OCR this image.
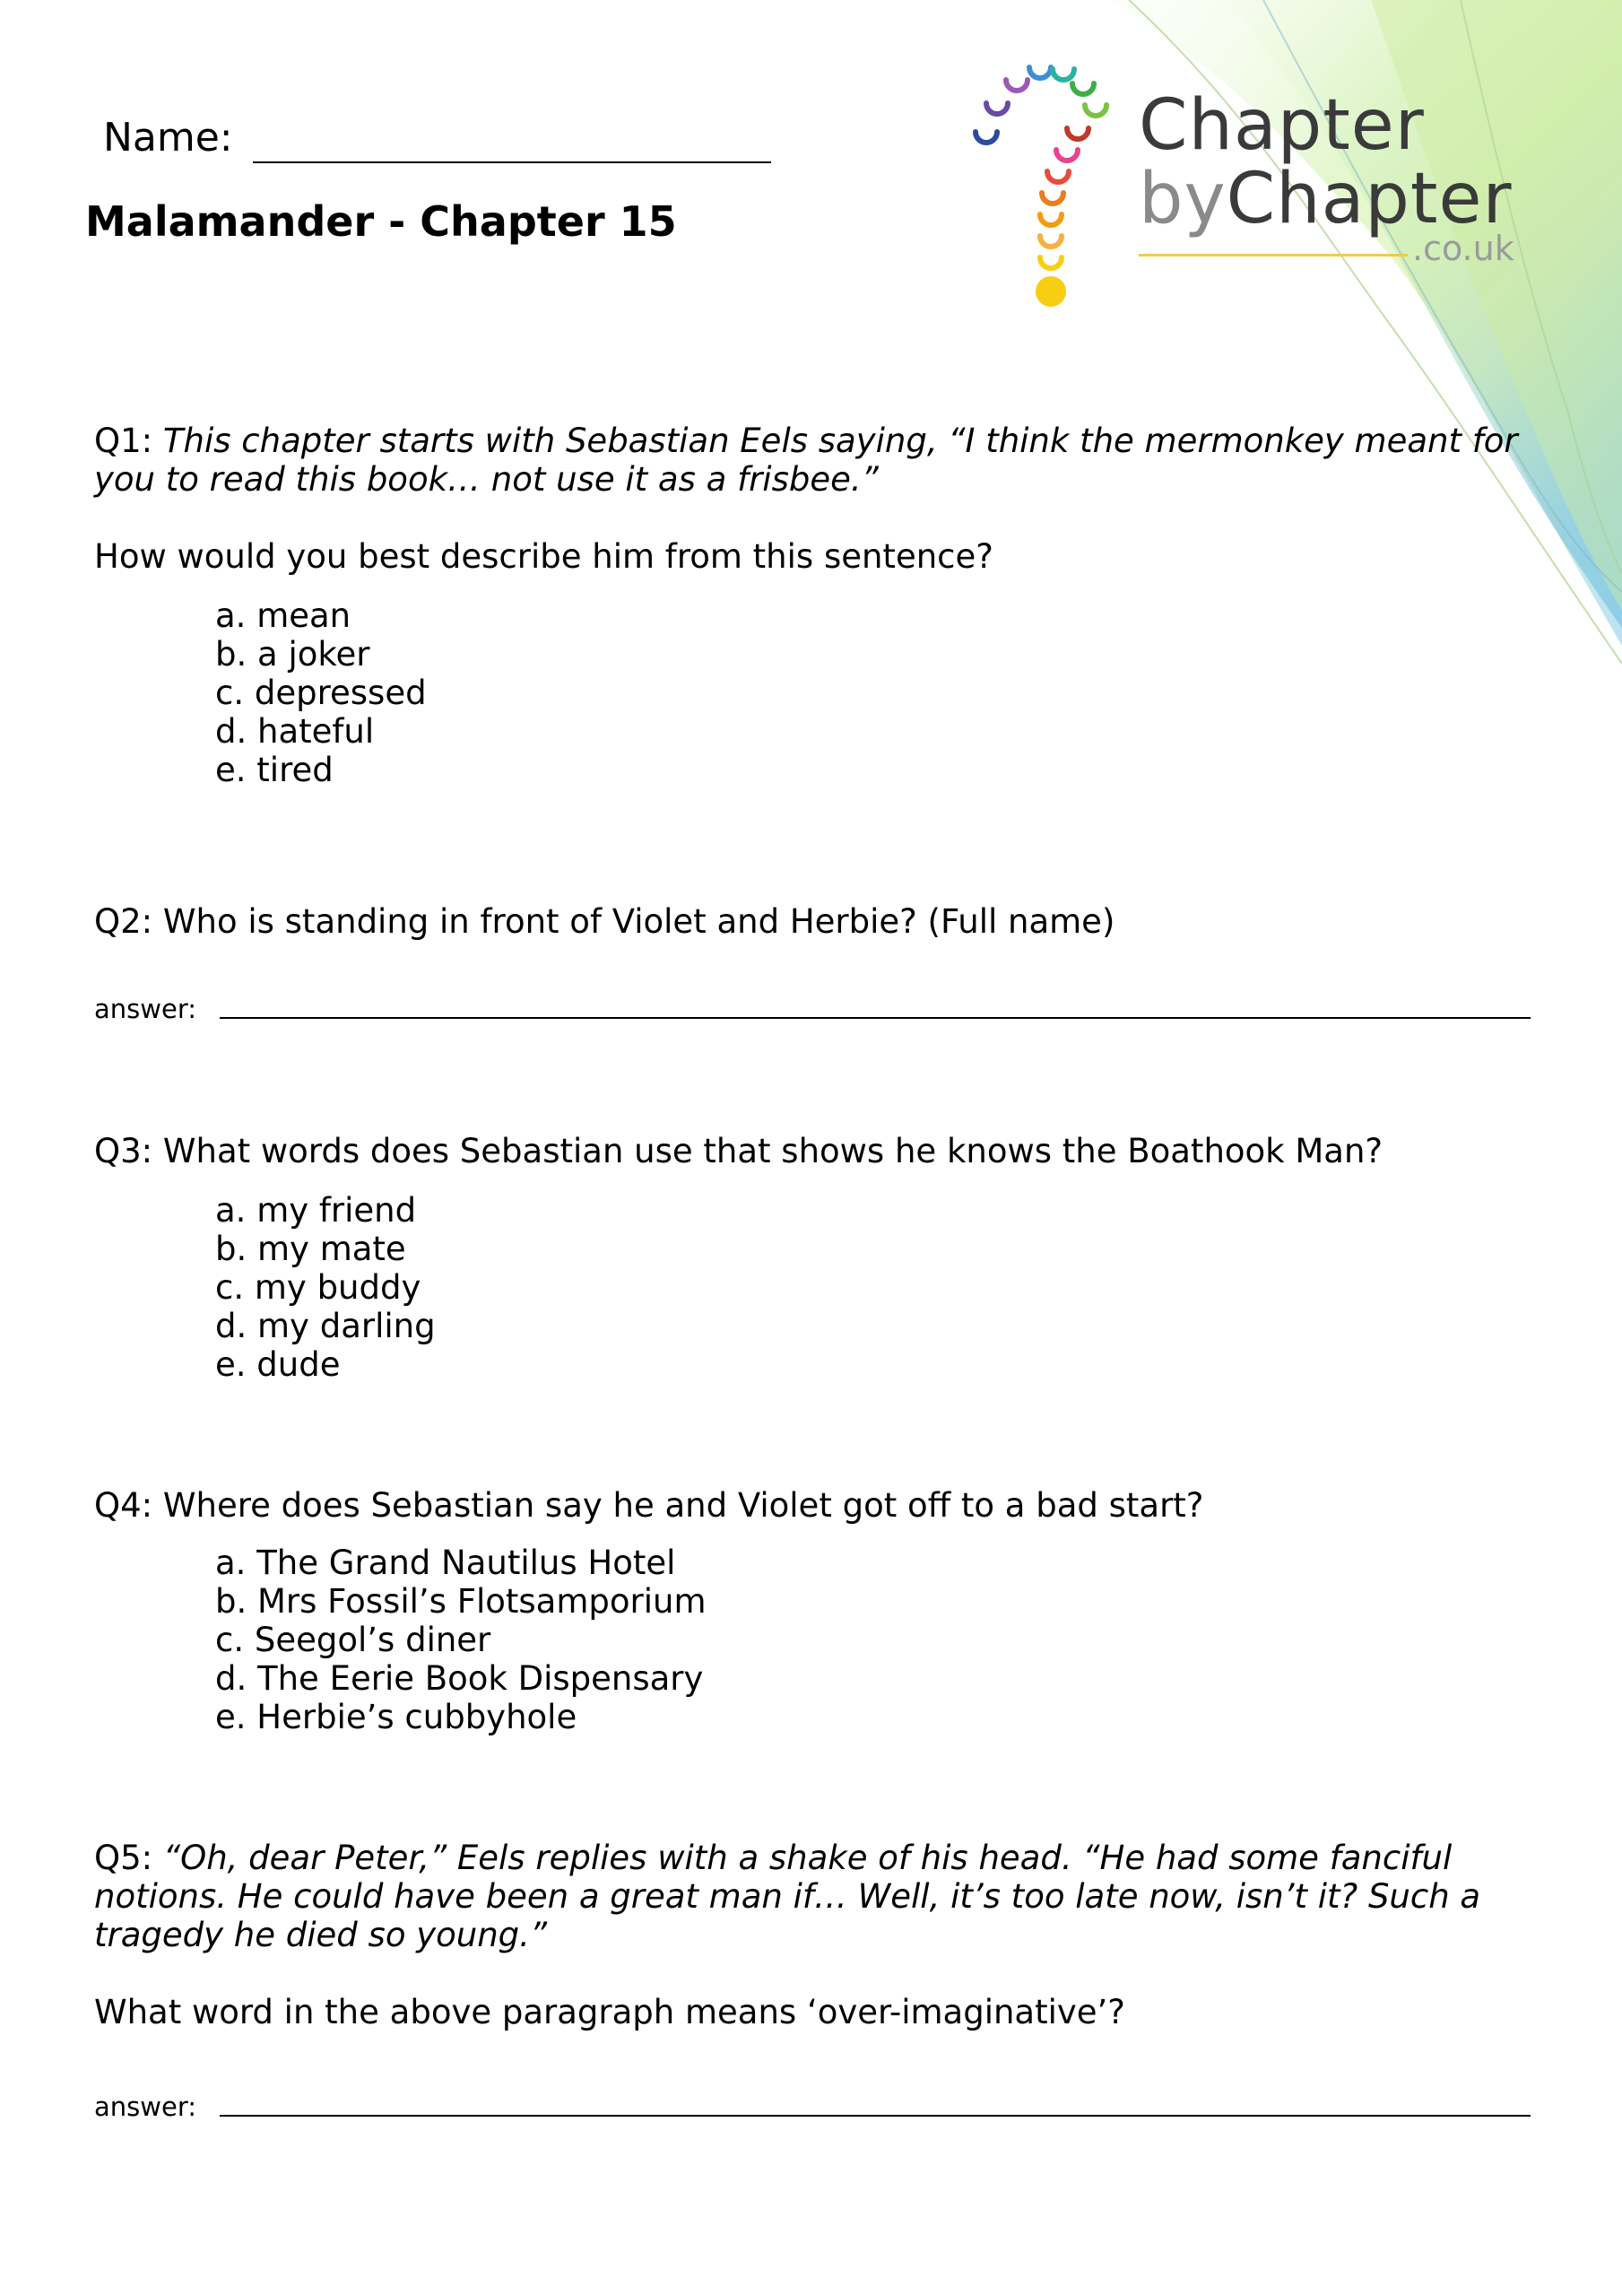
Chapter
byChapter
.co.uk
Name:
Malamander - Chapter 15
Q1: This chapter starts with Sebastian Eels saying, “I think the mermonkey meant for you to read this book… not use it as a frisbee.”
How would you best describe him from this sentence?
a. mean
b. a joker
c. depressed
d. hateful
e. tired
Q2: Who is standing in front of Violet and Herbie? (Full name)
answer:
Q3: What words does Sebastian use that shows he knows the Boathook Man?
a. my friend
b. my mate
c. my buddy
d. my darling
e. dude
Q4: Where does Sebastian say he and Violet got off to a bad start?
a. The Grand Nautilus Hotel
b. Mrs Fossil’s Flotsamporium
c. Seegol’s diner
d. The Eerie Book Dispensary
e. Herbie’s cubbyhole
Q5: “Oh, dear Peter,” Eels replies with a shake of his head. “He had some fanciful notions. He could have been a great man if… Well, it’s too late now, isn’t it? Such a tragedy he died so young.”
What word in the above paragraph means ‘over-imaginative’?
answer:
